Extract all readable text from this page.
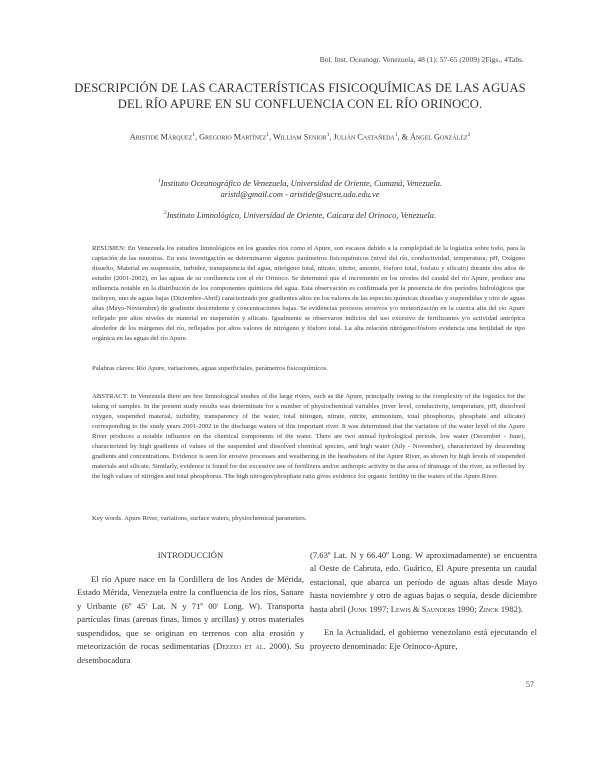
Bol. Inst. Oceanogr. Venezuela, 48 (1): 57-65 (2009) 2Figs., 4Tabs.
DESCRIPCIÓN DE LAS CARACTERÍSTICAS FISICOQUÍMICAS DE LAS AGUAS
DEL RÍO APURE EN SU CONFLUENCIA CON EL RÍO ORINOCO.
Aristide Márquez$^1$, Gregorio Martínez$^1$, William Senior$^1$, Julián Castañeda$^1$, & Ángel González$^2$
$^1$Instituto Oceanográfico de Venezuela, Universidad de Oriente, Cumaná, Venezuela.
aristd@gmail.com - aristide@sucre.udo.edu.ve
$^2$Instituto Limnológico, Universidad de Oriente, Caicara del Orinoco, Venezuela.
RESUMEN: En Venezuela los estudios limnológicos en los grandes ríos como el Apure, son escasos debido a la complejidad de la logística sobre todo, para la captación de las muestras. En esta investigación se determinaron algunos parámetros fisicoquímicos (nivel del río, conductividad, temperatura, pH, Oxígeno disuelto, Material en suspensión, turbidez, transparencia del agua, nitrógeno total, nitrato, nitrito, amonio, fósforo total, fosfato y silicato) durante dos años de estudio (2001-2002), en las aguas de su confluencia con el río Orinoco. Se determinó que el incremento en los niveles del caudal del río Apure, produce una influencia notable en la distribución de los componentes químicos del agua. Esta observación es confirmada por la presencia de dos períodos hidrológicos que incluyen, uno de aguas bajas (Diciembre-Abril) caracterizado por gradientes altos en los valores de las especies químicas disueltas y suspendidas y otro de aguas altas (Mayo-Noviembre) de gradiente descendente y concentraciones bajas. Se evidencias procesos erosivos y/o meteorización en la cuenca alta del río Apure reflejado por altos niveles de material en suspensión y silicato. Igualmente se observaron indicios del uso excesivo de fertilizantes y/o actividad antrópica alrededor de los márgenes del río, reflejados por altos valores de nitrógeno y fósforo total. La alta relación nitrógeno/fósforo evidencia una fertilidad de tipo orgánica en las aguas del río Apure.
Palabras claves: Río Apure, variaciones, aguas superficiales, parámetros fisicoquímicos.
ABSTRACT: In Venezuela there are few limnological studies of the large rivers, such as the Apure, principally owing to the complexity of the logistics for the taking of samples. In the present study results was determinate for a number of physiochemical variables (river level, conductivity, temperature, pH, dissolved oxygen, suspended material, turbidity, transparency of the water, total nitrogen, nitrate, nitrite, ammonium, total phosphorus, phosphate and silicate) corresponding to the study years 2001-2002 in the discharge waters of this important river. It was determined that the variation of the water level of the Apure River produces a notable influence on the chemical components of the water. There are two annual hydrological periods, low water (December - June), characterized by high gradients of values of the suspended and dissolved chemical species, and high water (July - November), characterized by descending gradients and concentrations. Evidence is seen for erosive processes and weathering in the headwaters of the Apure River, as shown by high levels of suspended materials and silicate. Similarly, evidence is found for the excessive use of fertilizers and/or anthropic activity in the area of drainage of the river, as reflected by the high values of nitrogen and total phosphorus. The high nitrogen/phosphate ratio gives evidence for organic fertility in the waters of the Apure River.
Key words. Apure River, variations, surface waters, physiochemical parameters.
INTRODUCCIÓN

El río Apure nace en la Cordillera de los Andes de Mérida, Estado Mérida, Venezuela entre la confluencia de los ríos, Sanare y Uribante (6º 45' Lat. N y 71º 00' Long. W). Transporta partículas finas (arenas finas, limos y arcillas) y otros materiales suspendidos, que se originan en terrenos con alta erosión y meteorización de rocas sedimentarias (Dezzeo et al. 2000). Su desembocadura

(7.63º Lat. N y 66.40º Long. W aproximadamente) se encuentra al Oeste de Cabruta, edo. Guárico, El Apure presenta un caudal estacional, que abarca un período de aguas altas desde Mayo hasta noviembre y otro de aguas bajas o sequía, desde diciembre hasta abril (Junk 1997; Lewis & Saunders 1990; Zinck 1982).

En la Actualidad, el gobierno venezolano está ejecutando el proyecto denominado: Eje Orinoco-Apure,

57
